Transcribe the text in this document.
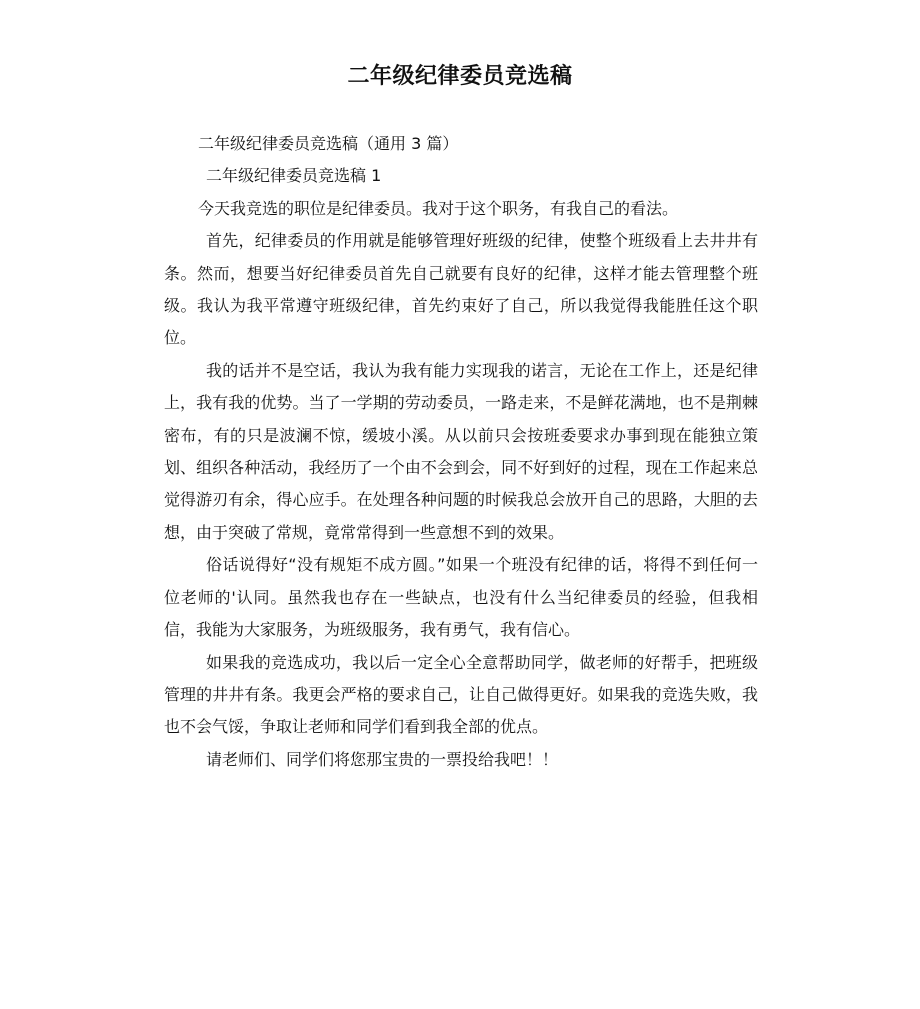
二年级纪律委员竞选稿

二年级纪律委员竞选稿（通用 3 篇）

二年级纪律委员竞选稿 1

今天我竞选的职位是纪律委员。我对于这个职务，有我自己的看法。

首先，纪律委员的作用就是能够管理好班级的纪律，使整个班级看上去井井有条。然而，想要当好纪律委员首先自己就要有良好的纪律，这样才能去管理整个班级。我认为我平常遵守班级纪律，首先约束好了自己，所以我觉得我能胜任这个职位。

我的话并不是空话，我认为我有能力实现我的诺言，无论在工作上，还是纪律上，我有我的优势。当了一学期的劳动委员，一路走来，不是鲜花满地，也不是荆棘密布，有的只是波澜不惊，缓坡小溪。从以前只会按班委要求办事到现在能独立策划、组织各种活动，我经历了一个由不会到会，同不好到好的过程，现在工作起来总觉得游刃有余，得心应手。在处理各种问题的时候我总会放开自己的思路，大胆的去想，由于突破了常规，竟常常得到一些意想不到的效果。

俗话说得好“没有规矩不成方圆。”如果一个班没有纪律的话，将得不到任何一位老师的'认同。虽然我也存在一些缺点，也没有什么当纪律委员的经验，但我相信，我能为大家服务，为班级服务，我有勇气，我有信心。

如果我的竞选成功，我以后一定全心全意帮助同学，做老师的好帮手，把班级管理的井井有条。我更会严格的要求自己，让自己做得更好。如果我的竞选失败，我也不会气馁，争取让老师和同学们看到我全部的优点。

请老师们、同学们将您那宝贵的一票投给我吧！！
